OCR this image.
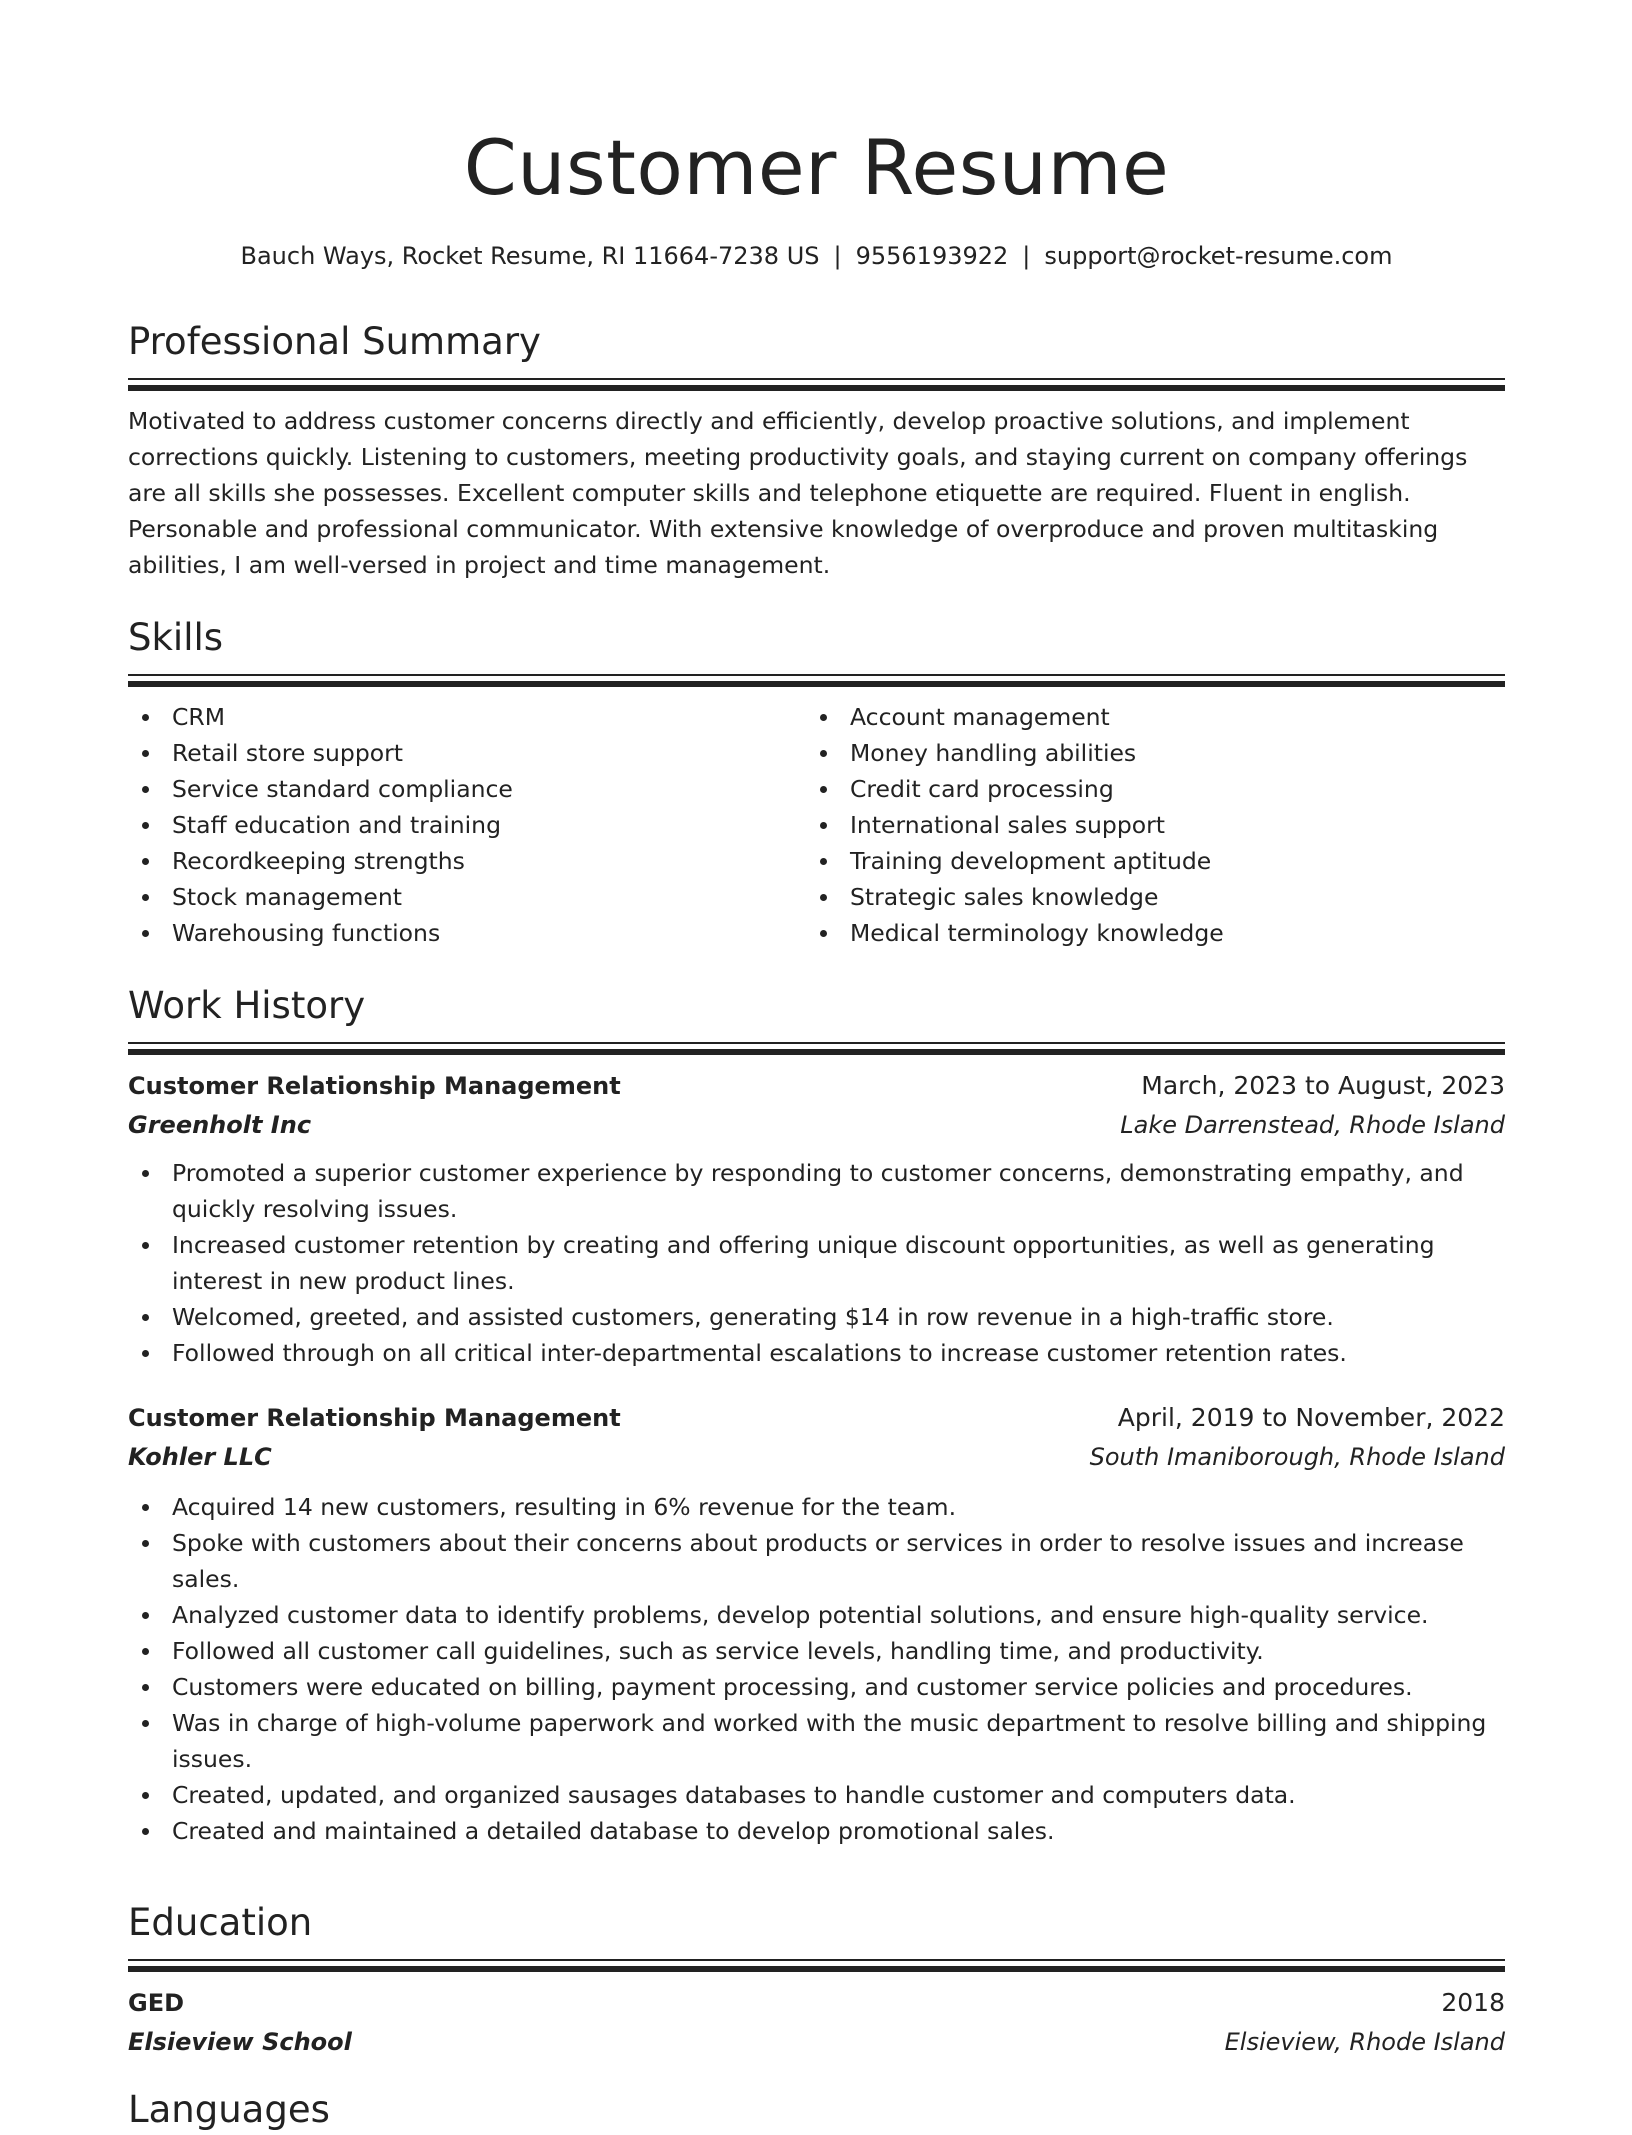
Customer Resume
Bauch Ways, Rocket Resume, RI 11664-7238 US | 9556193922 | support@rocket-resume.com
Professional Summary

Motivated to address customer concerns directly and efficiently, develop proactive solutions, and implement corrections quickly. Listening to customers, meeting productivity goals, and staying current on company offerings are all skills she possesses. Excellent computer skills and telephone etiquette are required. Fluent in english. Personable and professional communicator. With extensive knowledge of overproduce and proven multitasking abilities, I am well-versed in project and time management.

Skills
CRM
Retail store support
Service standard compliance
Staff education and training
Recordkeeping strengths
Stock management
Warehousing functions
Account management
Money handling abilities
Credit card processing
International sales support
Training development aptitude
Strategic sales knowledge
Medical terminology knowledge
Work History
Customer Relationship Management	March, 2023 to August, 2023
Greenholt Inc	Lake Darrenstead, Rhode Island
Promoted a superior customer experience by responding to customer concerns, demonstrating empathy, and quickly resolving issues.
Increased customer retention by creating and offering unique discount opportunities, as well as generating interest in new product lines.
Welcomed, greeted, and assisted customers, generating $14 in row revenue in a high-traffic store.
Followed through on all critical inter-departmental escalations to increase customer retention rates.
Customer Relationship Management	April, 2019 to November, 2022
Kohler LLC	South Imaniborough, Rhode Island
Acquired 14 new customers, resulting in 6% revenue for the team.
Spoke with customers about their concerns about products or services in order to resolve issues and increase sales.
Analyzed customer data to identify problems, develop potential solutions, and ensure high-quality service.
Followed all customer call guidelines, such as service levels, handling time, and productivity.
Customers were educated on billing, payment processing, and customer service policies and procedures.
Was in charge of high-volume paperwork and worked with the music department to resolve billing and shipping issues.
Created, updated, and organized sausages databases to handle customer and computers data.
Created and maintained a detailed database to develop promotional sales.
Education
GED	2018
Elsieview School	Elsieview, Rhode Island
Languages
